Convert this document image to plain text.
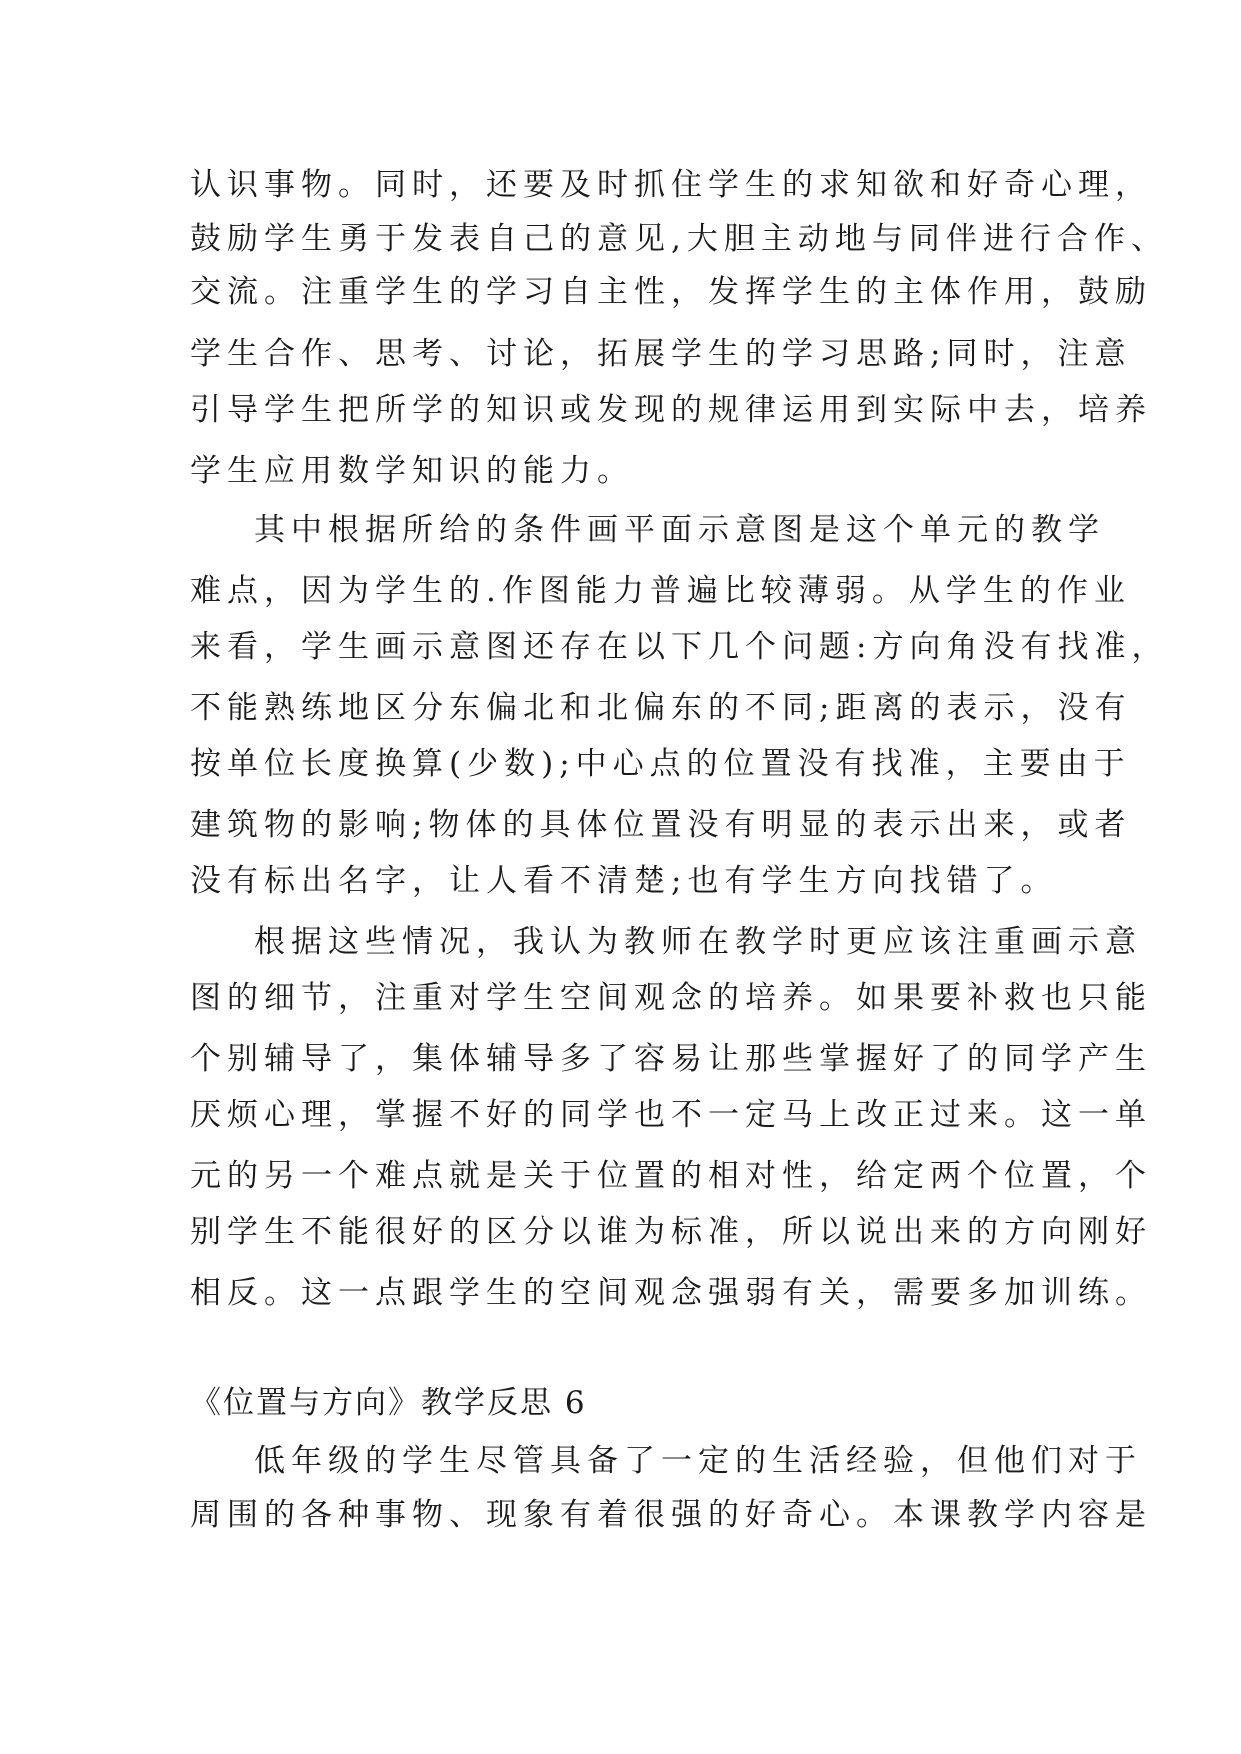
认识事物。同时，还要及时抓住学生的求知欲和好奇心理，
鼓励学生勇于发表自己的意见,大胆主动地与同伴进行合作、
交流。注重学生的学习自主性，发挥学生的主体作用，鼓励
学生合作、思考、讨论，拓展学生的学习思路;同时，注意
引导学生把所学的知识或发现的规律运用到实际中去，培养
学生应用数学知识的能力。
其中根据所给的条件画平面示意图是这个单元的教学
难点，因为学生的.作图能力普遍比较薄弱。从学生的作业
来看，学生画示意图还存在以下几个问题:方向角没有找准，
不能熟练地区分东偏北和北偏东的不同;距离的表示，没有
按单位长度换算(少数);中心点的位置没有找准，主要由于
建筑物的影响;物体的具体位置没有明显的表示出来，或者
没有标出名字，让人看不清楚;也有学生方向找错了。
根据这些情况，我认为教师在教学时更应该注重画示意
图的细节，注重对学生空间观念的培养。如果要补救也只能
个别辅导了，集体辅导多了容易让那些掌握好了的同学产生
厌烦心理，掌握不好的同学也不一定马上改正过来。这一单
元的另一个难点就是关于位置的相对性，给定两个位置，个
别学生不能很好的区分以谁为标准，所以说出来的方向刚好
相反。这一点跟学生的空间观念强弱有关，需要多加训练。
《位置与方向》教学反思 6
低年级的学生尽管具备了一定的生活经验，但他们对于
周围的各种事物、现象有着很强的好奇心。本课教学内容是
